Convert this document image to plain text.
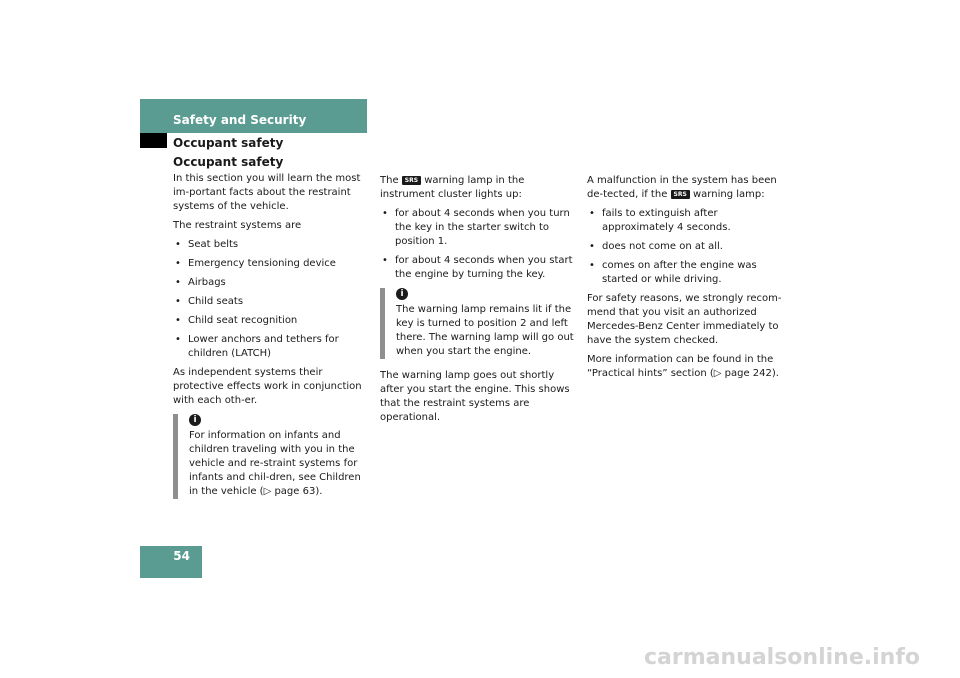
Safety and Security
Occupant safety
Occupant safety

In this section you will learn the most im-portant facts about the restraint systems of the vehicle.

The restraint systems are

• Seat belts
• Emergency tensioning device
• Airbags
• Child seats
• Child seat recognition
• Lower anchors and tethers for children (LATCH)

As independent systems their protective effects work in conjunction with each oth-er.

i

For information on infants and children traveling with you in the vehicle and re-straint systems for infants and chil-dren, see Children in the vehicle (▷ page 63).

The SRS warning lamp in the instrument cluster lights up:

• for about 4 seconds when you turn the key in the starter switch to position 1.
• for about 4 seconds when you start the engine by turning the key.
i

The warning lamp remains lit if the key is turned to position 2 and left there. The warning lamp will go out when you start the engine.

The warning lamp goes out shortly after you start the engine. This shows that the restraint systems are operational.

A malfunction in the system has been de-tected, if the SRS warning lamp:

• fails to extinguish after approximately 4 seconds.
• does not come on at all.
• comes on after the engine was started or while driving.

For safety reasons, we strongly recom-mend that you visit an authorized Mercedes-Benz Center immediately to have the system checked.

More information can be found in the “Practical hints” section (▷ page 242).

54
carmanualsonline.info
